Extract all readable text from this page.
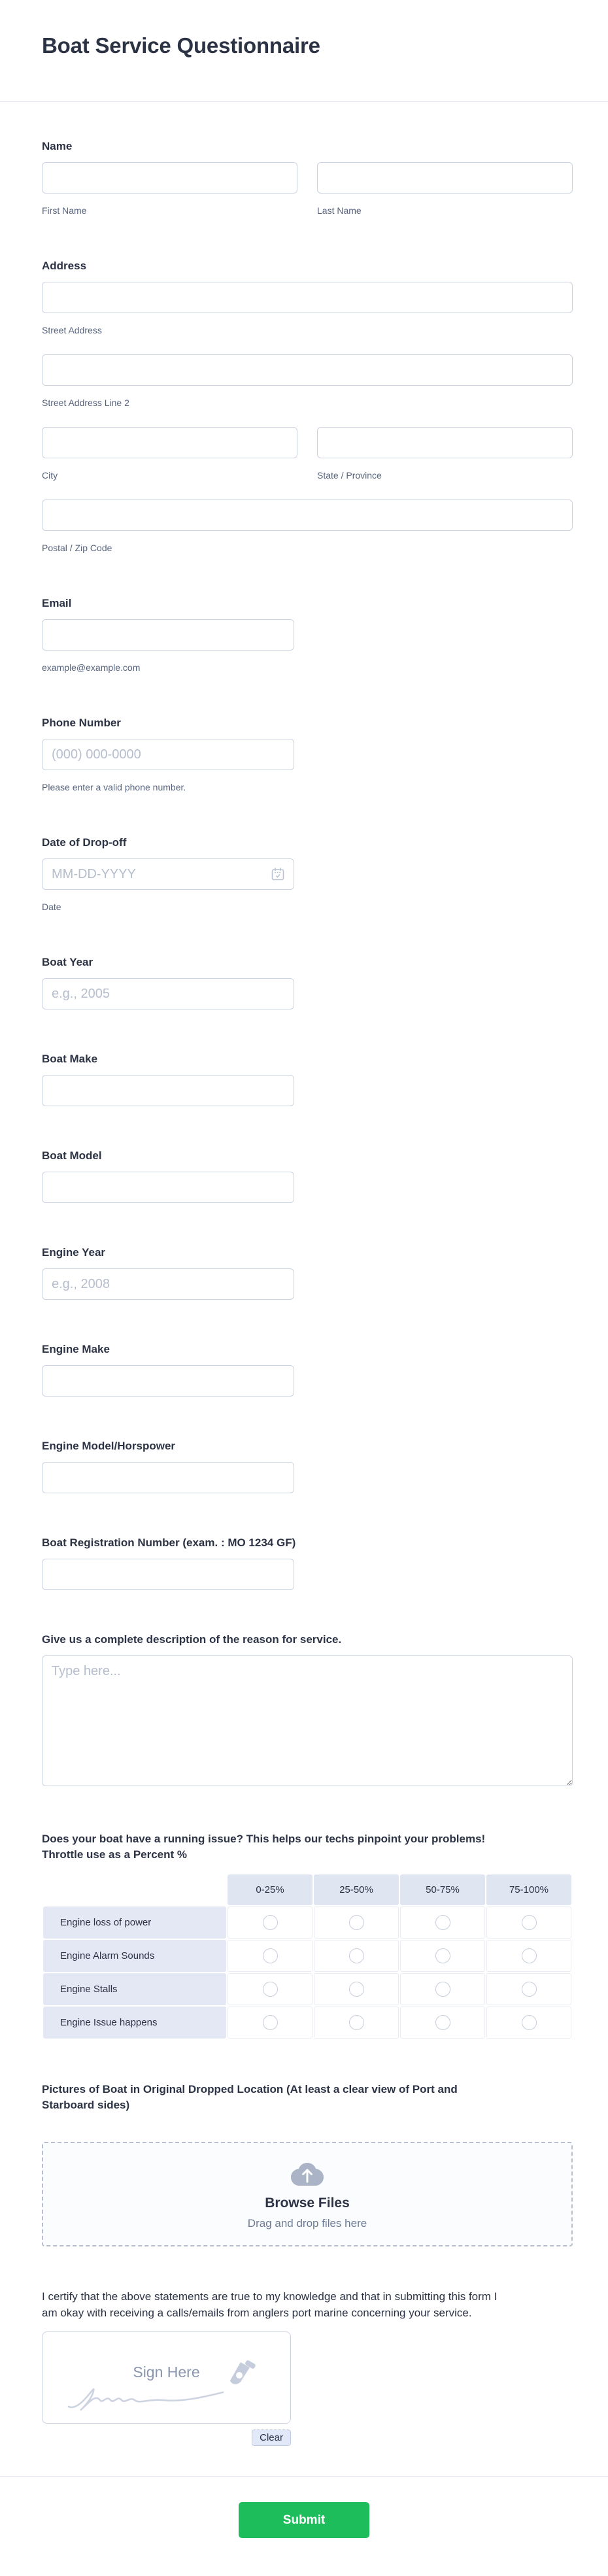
Boat Service Questionnaire
Name
First Name	Last Name
Address
Street Address
Street Address Line 2
City	State / Province
Postal / Zip Code
Email
example@example.com
Phone Number
(000) 000-0000
Please enter a valid phone number.
Date of Drop-off
MM-DD-YYYY
Date
Boat Year
e.g., 2005
Boat Make
Boat Model
Engine Year
e.g., 2008
Engine Make
Engine Model/Horspower
Boat Registration Number (exam. : MO 1234 GF)
Give us a complete description of the reason for service.
Type here...
Does your boat have a running issue? This helps our techs pinpoint your problems! Throttle use as a Percent %
	0-25%	25-50%	50-75%	75-100%
Engine loss of power				
Engine Alarm Sounds				
Engine Stalls				
Engine Issue happens				
Pictures of Boat in Original Dropped Location (At least a clear view of Port and Starboard sides)
Browse Files
Drag and drop files here
I certify that the above statements are true to my knowledge and that in submitting this form I am okay with receiving a calls/emails from anglers port marine concerning your service.
Sign Here
Clear
Submit
